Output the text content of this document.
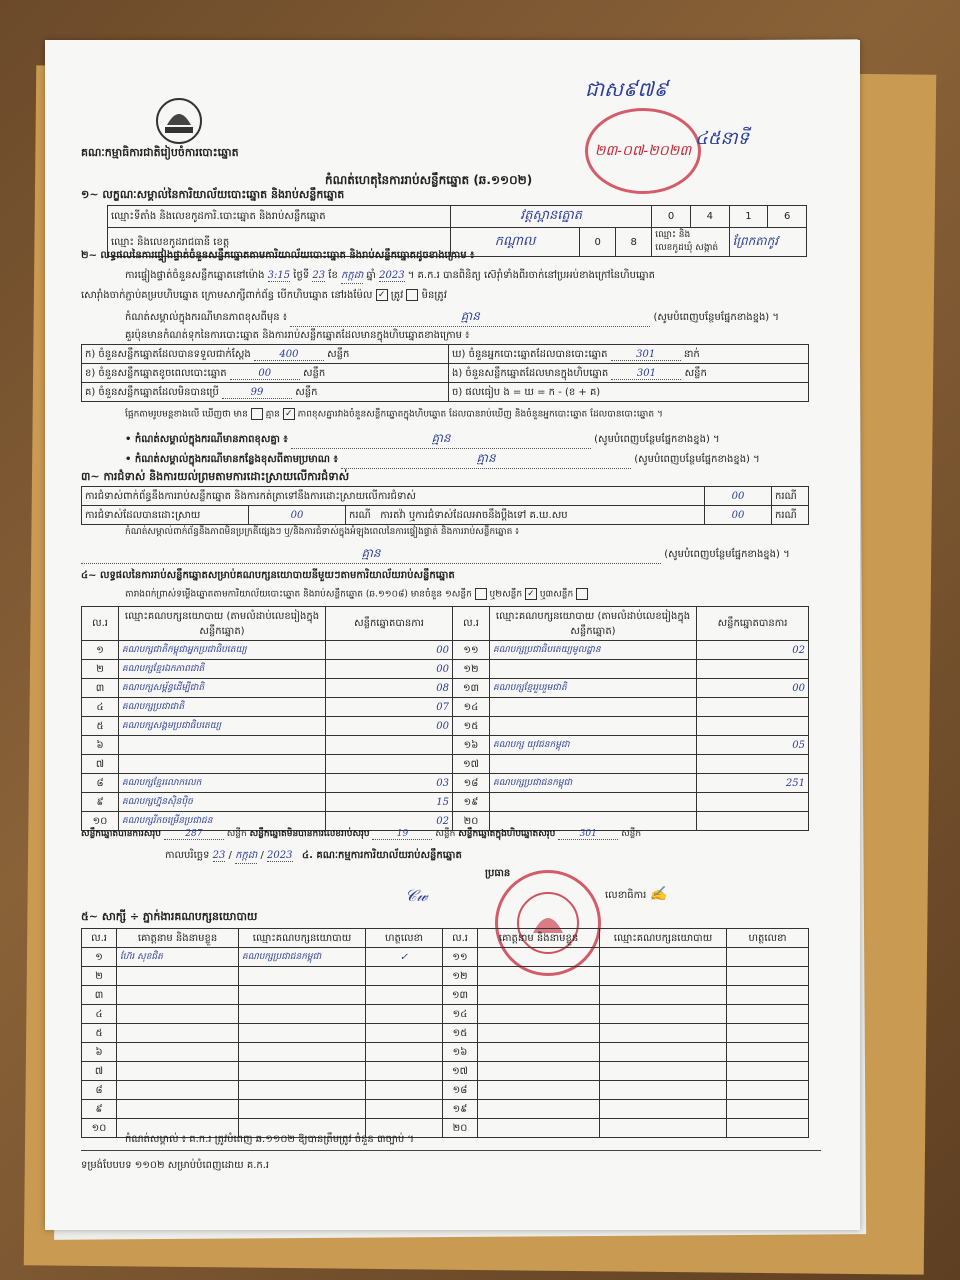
គណៈកម្មាធិការជាតិរៀបចំការបោះឆ្នោត
ជាស៩៧៩
២៣-០៧-២០២៣
៤៥នាទី
កំណត់ហេតុនៃការរាប់សន្លឹកឆ្នោត (ឆ.១១០២)
១~ លក្ខណៈសម្គាល់នៃការិយាល័យបោះឆ្នោត និងរាប់សន្លឹកឆ្នោត
ឈ្មោះទីតាំង និងលេខកូដការិ.បោះឆ្នោត និងរាប់សន្លឹកឆ្នោត	វត្តស្ពានត្នោត			0	4	1	6
ឈ្មោះ និងលេខកូដរាជធានី ខេត្ត	កណ្តាល	0	8	ឈ្មោះ និងលេខកូដឃុំ សង្កាត់		ព្រែកតាកូវ	
២~ លទ្ធផលនៃការផ្ទៀងផ្ទាត់ចំនួនសន្លឹកឆ្នោតតាមការិយាល័យបោះឆ្នោត និងរាប់សន្លឹកឆ្នោតដូចខាងក្រោម ៖
ការផ្ទៀងផ្ទាត់ចំនួនសន្លឹកឆ្នោតនៅម៉ោង 3:15 ថ្ងៃទី 23 ខែ កក្កដា ឆ្នាំ 2023 ។ គ.ក.រ បានពិនិត្យ ស៊េរ៉ាំទាំងពីរចាក់នៅប្រអប់ខាងក្រៅនៃហិបឆ្នោត
សោរ៉ាំងចាក់ភ្ជាប់គម្របហិបឆ្នោត ក្រោមសាក្សីពាក់ព័ន្ធ បើកហិបឆ្នោត នៅរងម៉ែល ✓ ត្រូវ មិនត្រូវ
កំណត់សម្គាល់ក្នុងករណីមានភាពខុសពីមុន ៖	គ្មាន	(សូមបំពេញបន្ថែមផ្នែកខាងខ្នង) ។
គួរប៉ុនមានកំណត់ទុកនៃការបោះឆ្នោត និងការរាប់សន្លឹកឆ្នោតដែលមានក្នុងហិបឆ្នោតខាងក្រោម ៖
ក) ចំនួនសន្លឹកឆ្នោតដែលបានទទួលជាក់ស្តែង 400 សន្លឹក	ឃ) ចំនួនអ្នកបោះឆ្នោតដែលបានបោះឆ្នោត 301 នាក់
ខ) ចំនួនសន្លឹកឆ្នោតខូចពេលបោះឆ្នោត 00 សន្លឹក	ង) ចំនួនសន្លឹកឆ្នោតដែលមានក្នុងហិបឆ្នោត 301 សន្លឹក
គ) ចំនួនសន្លឹកឆ្នោតដែលមិនបានប្រើ 99 សន្លឹក	ច) ផលធៀប ង = ឃ = ក - (ខ + គ)
ផ្អែកតាមរូបមន្តខាងលើ ឃើញថា មាន គ្មាន ✓ ភាពខុសគ្នារវាងចំនួនសន្លឹកឆ្នោតក្នុងហិបឆ្នោត ដែលបានរាប់ឃើញ និងចំនួនអ្នកបោះឆ្នោត ដែលបានបោះឆ្នោត ។
• កំណត់សម្គាល់ក្នុងករណីមានភាពខុសគ្នា ៖	គ្មាន	(សូមបំពេញបន្ថែមផ្នែកខាងខ្នង) ។
• កំណត់សម្គាល់ក្នុងករណីមានកន្លែងខុសពីតាមប្រមាណ ៖	គ្មាន	(សូមបំពេញបន្ថែមផ្នែកខាងខ្នង) ។
៣~ ការជំទាស់ និងការយល់ព្រមតាមការដោះស្រាយលើការជំទាស់
ការជំទាស់ពាក់ព័ន្ធនឹងការរាប់សន្លឹកឆ្នោត និងការកត់ត្រាទៅនឹងការដោះស្រាយលើការជំទាស់			00	ករណី
ការជំទាស់ដែលបានដោះស្រាយ	00	ករណី ការតវ៉ា ឬការជំទាស់ដែលអាចនឹងប្តឹងទៅ គ.ឃ.សប	00	ករណី
កំណត់សម្គាល់ពាក់ព័ន្ធនឹងភាពមិនប្រក្រតីផ្សេងៗ ឬ/និងការជំទាស់ក្នុងអំឡុងពេលនៃការផ្ទៀងផ្ទាត់ និងការរាប់សន្លឹកឆ្នោត ៖
គ្មាន	(សូមបំពេញបន្ថែមផ្នែកខាងខ្នង) ។
៤~ លទ្ធផលនៃការរាប់សន្លឹកឆ្នោតសម្រាប់គណបក្សនយោបាយនីមួយៗតាមការិយាល័យរាប់សន្លឹកឆ្នោត
តារាងពក់ព្រាស់ទម្លើងឆ្នោតតាមការិយាល័យបោះឆ្នោត និងរាប់សន្លឹកឆ្នោត (ឆ.១១០៨) មានចំនួន ១សន្លឹក ឬ២សន្លឹក ✓ ឬ៣សន្លឹក
ល.រ	ឈ្មោះគណបក្សនយោបាយ (តាមលំដាប់លេខរៀងក្នុងសន្លឹកឆ្នោត)	សន្លឹកឆ្នោតបានការ	ល.រ	ឈ្មោះគណបក្សនយោបាយ (តាមលំដាប់លេខរៀងក្នុងសន្លឹកឆ្នោត)	សន្លឹកឆ្នោតបានការ
១	គណបក្សជាតិកម្ពុជាអ្នកប្រជាធិបតេយ្យ	00	១១	គណបក្សប្រជាធិបតេយ្យមូលដ្ឋាន	02
២	គណបក្សខ្មែរឯកភាពជាតិ	00	១២		
៣	គណបក្សសម្ព័ន្ធដើម្បីជាតិ	08	១៣	គណបក្សខ្មែររួបរួមជាតិ	00
៤	គណបក្សប្រជាជាតិ	07	១៤		
៥	គណបក្សសង្គមប្រជាធិបតេយ្យ	00	១៥		
៦			១៦	គណបក្ស យុវជនកម្ពុជា	05
៧			១៧		
៨	គណបក្សខ្មែរលោកលេក	03	១៨	គណបក្សប្រជាជនកម្ពុជា	251
៩	គណបក្សហ្វ៊ុនស៊ិនប៉ិច	15	១៩		
១០	គណបក្សរីកចម្រើនប្រជាជន	02	២០		
សន្លឹកឆ្នោតបានការសរុប	287	សន្លឹក សន្លឹកឆ្នោតមិនបានការលេខរាប់សរុប	19	សន្លឹក សន្លឹកឆ្នោតក្នុងហិបឆ្នោតសរុប	301	សន្លឹក
កាលបរិច្ឆេទ 23 / កក្កដា / 2023 ៤. គណៈកម្មការការិយាល័យរាប់សន្លឹកឆ្នោត
ប្រធាន
𝒞𝓌	លេខាធិការ ✍
៥~ សាក្សី ÷ ភ្នាក់ងារគណបក្សនយោបាយ
ល.រ	គោត្តនាម និងនាមខ្លួន	ឈ្មោះគណបក្សនយោបាយ	ហត្ថលេខា	ល.រ	គោត្តនាម និងនាមខ្លួន	ឈ្មោះគណបក្សនយោបាយ	ហត្ថលេខា
១	ហ៊ែរ សុខជិត	គណបក្សប្រជាជនកម្ពុជា	✓	១១			
២				១២			
៣				១៣			
៤				១៤			
៥				១៥			
៦				១៦			
៧				១៧			
៨				១៨			
៩				១៩			
១០				២០			
កំណត់សម្គាល់ ៖ គ.ក.រ ត្រូវបំពេញ ឆ.១១០២ ឱ្យបានត្រឹមត្រូវ ចំនួន ៣ច្បាប់ ។
ទម្រង់បែបបទ ១១០២ សម្រាប់បំពេញដោយ គ.ក.រ
